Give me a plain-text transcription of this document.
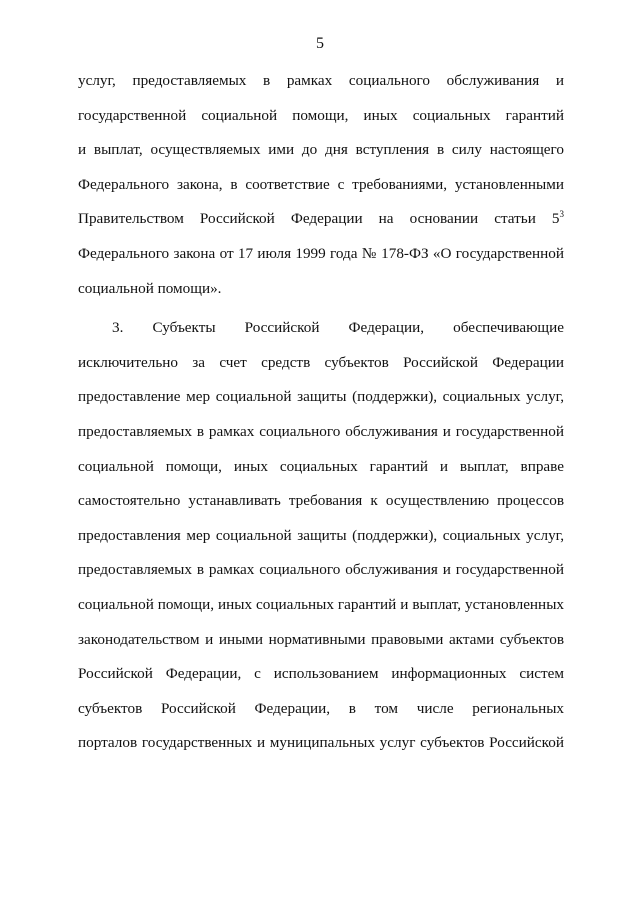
5
услуг, предоставляемых в рамках социального обслуживания и
государственной социальной помощи, иных социальных гарантий
и выплат, осуществляемых ими до дня вступления в силу настоящего
Федерального закона, в соответствие с требованиями, установленными
Правительством Российской Федерации на основании статьи $5^3$
Федерального закона от 17 июля 1999 года № 178-ФЗ «О государственной
социальной помощи».
3. Субъекты Российской Федерации, обеспечивающие
исключительно за счет средств субъектов Российской Федерации
предоставление мер социальной защиты (поддержки), социальных услуг,
предоставляемых в рамках социального обслуживания и государственной
социальной помощи, иных социальных гарантий и выплат, вправе
самостоятельно устанавливать требования к осуществлению процессов
предоставления мер социальной защиты (поддержки), социальных услуг,
предоставляемых в рамках социального обслуживания и государственной
социальной помощи, иных социальных гарантий и выплат, установленных
законодательством и иными нормативными правовыми актами субъектов
Российской Федерации, с использованием информационных систем
субъектов Российской Федерации, в том числе региональных
порталов государственных и муниципальных услуг субъектов Российской
